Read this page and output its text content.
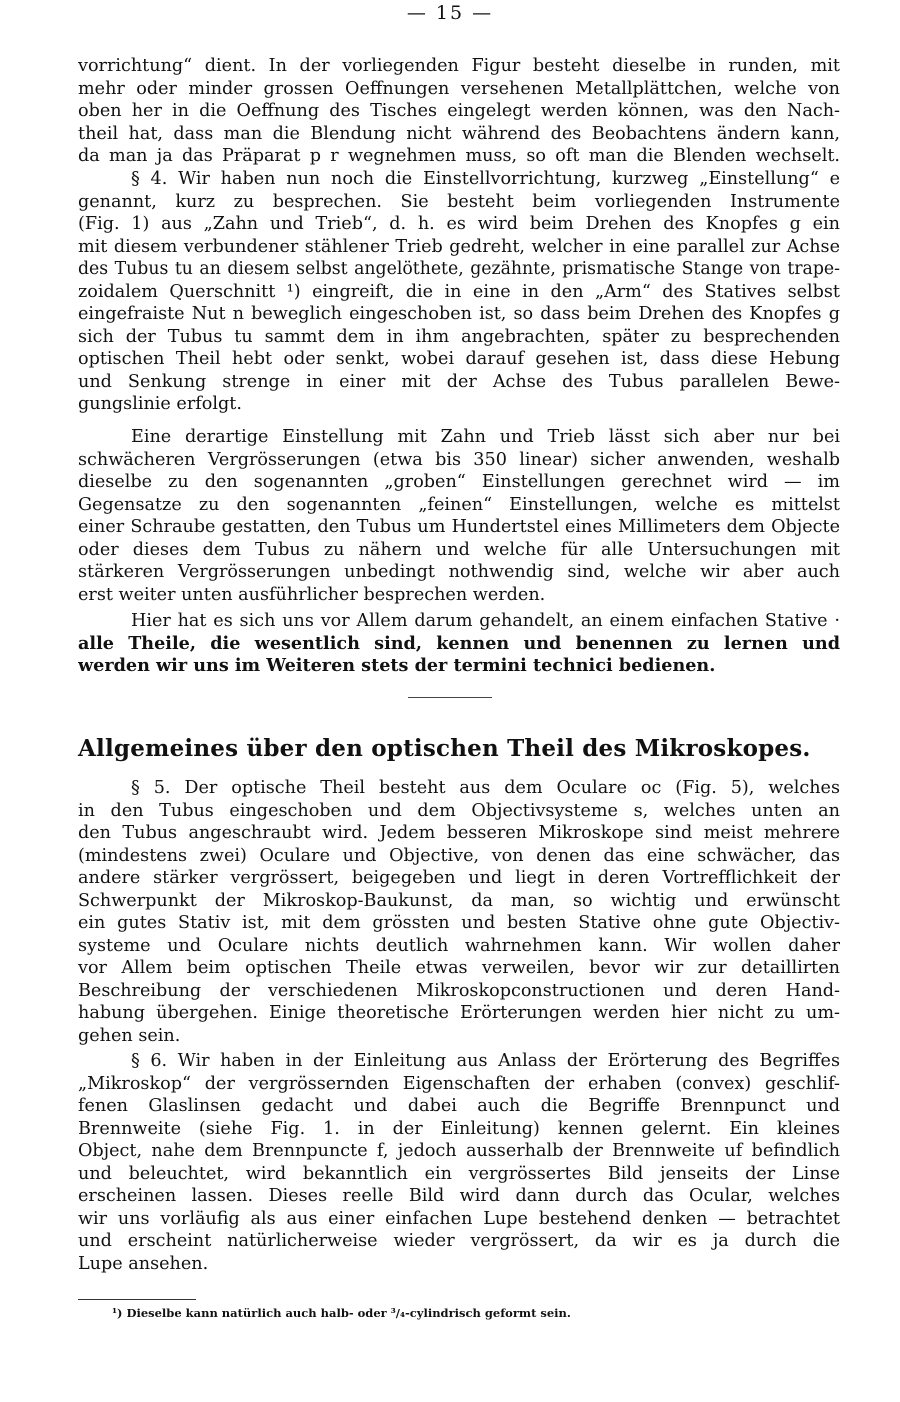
— 15 —
vorrichtung“ dient. In der vorliegenden Figur besteht dieselbe in runden, mit
mehr oder minder grossen Oeffnungen versehenen Metallplättchen, welche von
oben her in die Oeffnung des Tisches eingelegt werden können, was den Nach-
theil hat, dass man die Blendung nicht während des Beobachtens ändern kann,
da man ja das Präparat p r wegnehmen muss, so oft man die Blenden wechselt.
§ 4. Wir haben nun noch die Einstellvorrichtung, kurzweg „Einstellung“ e
genannt, kurz zu besprechen. Sie besteht beim vorliegenden Instrumente
(Fig. 1) aus „Zahn und Trieb“, d. h. es wird beim Drehen des Knopfes g ein
mit diesem verbundener stählener Trieb gedreht, welcher in eine parallel zur Achse
des Tubus tu an diesem selbst angelöthete, gezähnte, prismatische Stange von trape-
zoidalem Querschnitt ¹) eingreift, die in eine in den „Arm“ des Statives selbst
eingefraiste Nut n beweglich eingeschoben ist, so dass beim Drehen des Knopfes g
sich der Tubus tu sammt dem in ihm angebrachten, später zu besprechenden
optischen Theil hebt oder senkt, wobei darauf gesehen ist, dass diese Hebung
und Senkung strenge in einer mit der Achse des Tubus parallelen Bewe-
gungslinie erfolgt.
Eine derartige Einstellung mit Zahn und Trieb lässt sich aber nur bei
schwächeren Vergrösserungen (etwa bis 350 linear) sicher anwenden, weshalb
dieselbe zu den sogenannten „groben“ Einstellungen gerechnet wird — im
Gegensatze zu den sogenannten „feinen“ Einstellungen, welche es mittelst
einer Schraube gestatten, den Tubus um Hundertstel eines Millimeters dem Objecte
oder dieses dem Tubus zu nähern und welche für alle Untersuchungen mit
stärkeren Vergrösserungen unbedingt nothwendig sind, welche wir aber auch
erst weiter unten ausführlicher besprechen werden.
Hier hat es sich uns vor Allem darum gehandelt, an einem einfachen Stative ·
alle Theile, die wesentlich sind, kennen und benennen zu lernen und
werden wir uns im Weiteren stets der termini technici bedienen.
Allgemeines über den optischen Theil des Mikroskopes.
§ 5. Der optische Theil besteht aus dem Oculare oc (Fig. 5), welches
in den Tubus eingeschoben und dem Objectivsysteme s, welches unten an
den Tubus angeschraubt wird. Jedem besseren Mikroskope sind meist mehrere
(mindestens zwei) Oculare und Objective, von denen das eine schwächer, das
andere stärker vergrössert, beigegeben und liegt in deren Vortrefflichkeit der
Schwerpunkt der Mikroskop-Baukunst, da man, so wichtig und erwünscht
ein gutes Stativ ist, mit dem grössten und besten Stative ohne gute Objectiv-
systeme und Oculare nichts deutlich wahrnehmen kann. Wir wollen daher
vor Allem beim optischen Theile etwas verweilen, bevor wir zur detaillirten
Beschreibung der verschiedenen Mikroskopconstructionen und deren Hand-
habung übergehen. Einige theoretische Erörterungen werden hier nicht zu um-
gehen sein.
§ 6. Wir haben in der Einleitung aus Anlass der Erörterung des Begriffes
„Mikroskop“ der vergrössernden Eigenschaften der erhaben (convex) geschlif-
fenen Glaslinsen gedacht und dabei auch die Begriffe Brennpunct und
Brennweite (siehe Fig. 1. in der Einleitung) kennen gelernt. Ein kleines
Object, nahe dem Brennpuncte f, jedoch ausserhalb der Brennweite uf befindlich
und beleuchtet, wird bekanntlich ein vergrössertes Bild jenseits der Linse
erscheinen lassen. Dieses reelle Bild wird dann durch das Ocular, welches
wir uns vorläufig als aus einer einfachen Lupe bestehend denken — betrachtet
und erscheint natürlicherweise wieder vergrössert, da wir es ja durch die
Lupe ansehen.
¹) Dieselbe kann natürlich auch halb- oder ³/₄-cylindrisch geformt sein.
